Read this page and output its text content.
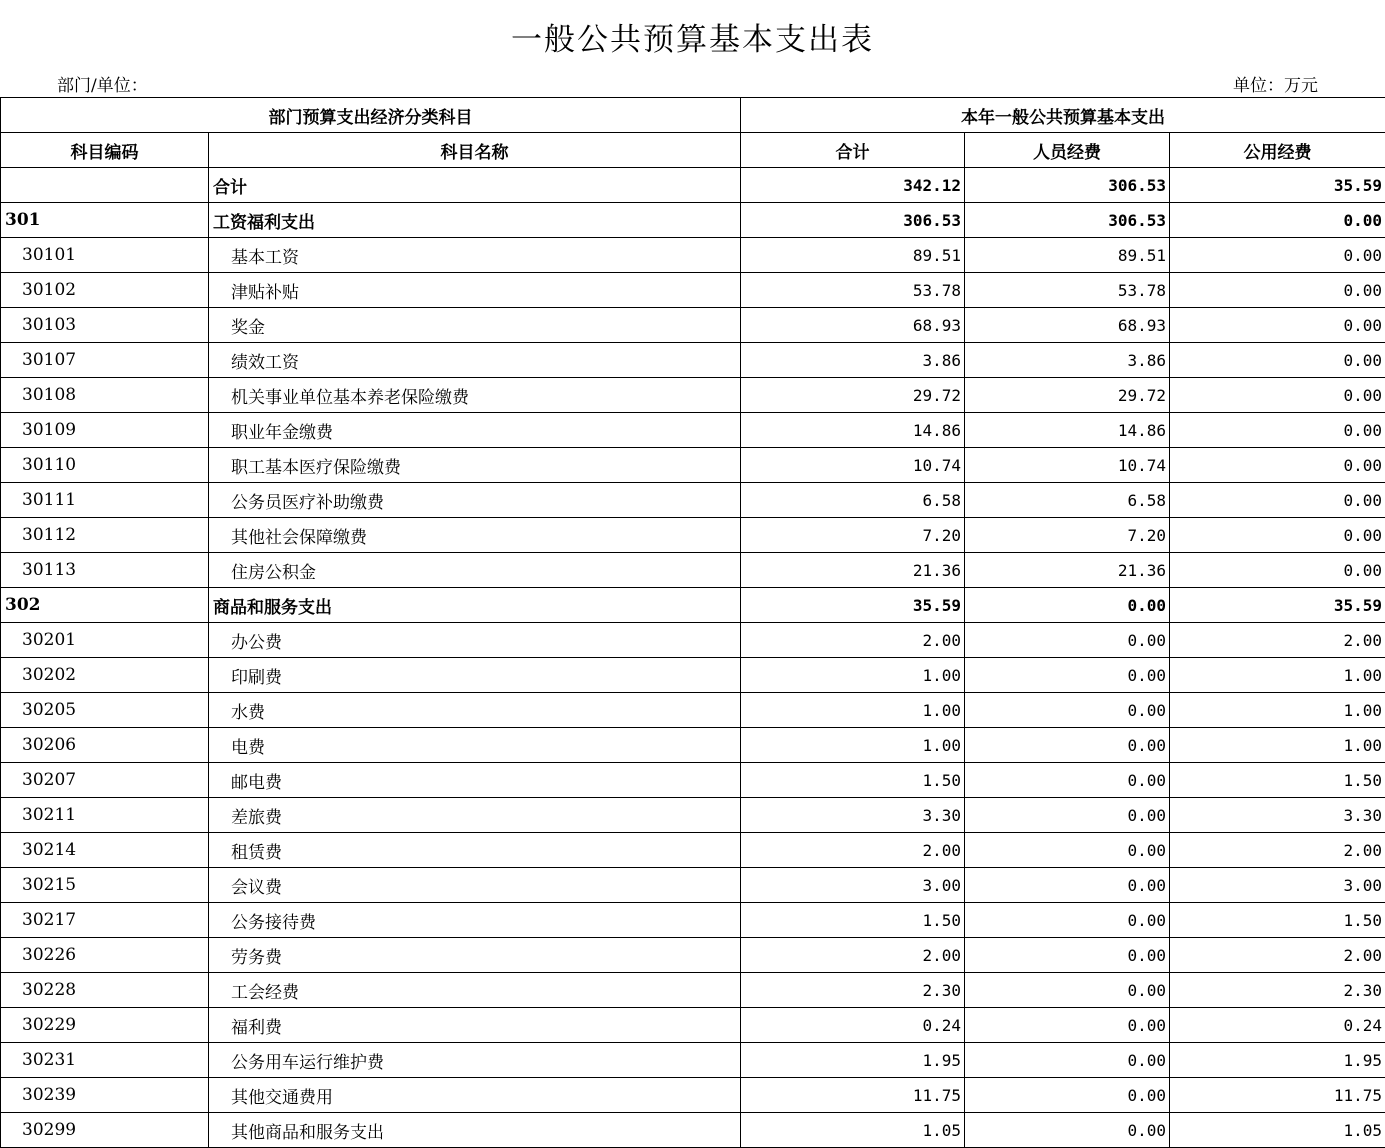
一般公共预算基本支出表
部门/单位：	单位：万元
部门预算支出经济分类科目		本年一般公共预算基本支出		
科目编码	科目名称	合计	人员经费	公用经费
	合计	342.12	306.53	35.59
301	工资福利支出	306.53	306.53	0.00
30101	基本工资	89.51	89.51	0.00
30102	津贴补贴	53.78	53.78	0.00
30103	奖金	68.93	68.93	0.00
30107	绩效工资	3.86	3.86	0.00
30108	机关事业单位基本养老保险缴费	29.72	29.72	0.00
30109	职业年金缴费	14.86	14.86	0.00
30110	职工基本医疗保险缴费	10.74	10.74	0.00
30111	公务员医疗补助缴费	6.58	6.58	0.00
30112	其他社会保障缴费	7.20	7.20	0.00
30113	住房公积金	21.36	21.36	0.00
302	商品和服务支出	35.59	0.00	35.59
30201	办公费	2.00	0.00	2.00
30202	印刷费	1.00	0.00	1.00
30205	水费	1.00	0.00	1.00
30206	电费	1.00	0.00	1.00
30207	邮电费	1.50	0.00	1.50
30211	差旅费	3.30	0.00	3.30
30214	租赁费	2.00	0.00	2.00
30215	会议费	3.00	0.00	3.00
30217	公务接待费	1.50	0.00	1.50
30226	劳务费	2.00	0.00	2.00
30228	工会经费	2.30	0.00	2.30
30229	福利费	0.24	0.00	0.24
30231	公务用车运行维护费	1.95	0.00	1.95
30239	其他交通费用	11.75	0.00	11.75
30299	其他商品和服务支出	1.05	0.00	1.05
